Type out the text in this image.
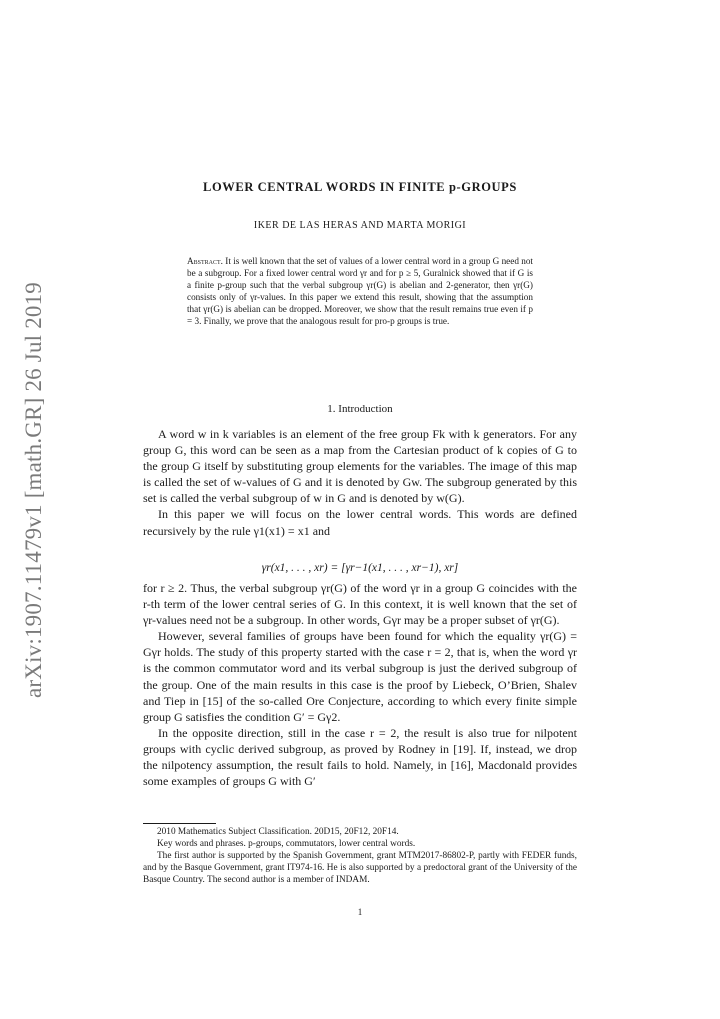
arXiv:1907.11479v1 [math.GR] 26 Jul 2019
LOWER CENTRAL WORDS IN FINITE p-GROUPS
IKER DE LAS HERAS AND MARTA MORIGI
Abstract. It is well known that the set of values of a lower central word in a group G need not be a subgroup. For a fixed lower central word γr and for p ≥ 5, Guralnick showed that if G is a finite p-group such that the verbal subgroup γr(G) is abelian and 2-generator, then γr(G) consists only of γr-values. In this paper we extend this result, showing that the assumption that γr(G) is abelian can be dropped. Moreover, we show that the result remains true even if p = 3. Finally, we prove that the analogous result for pro-p groups is true.
1. Introduction

A word w in k variables is an element of the free group Fk with k generators. For any group G, this word can be seen as a map from the Cartesian product of k copies of G to the group G itself by substituting group elements for the variables. The image of this map is called the set of w-values of G and it is denoted by Gw. The subgroup generated by this set is called the verbal subgroup of w in G and is denoted by w(G).

In this paper we will focus on the lower central words. This words are defined recursively by the rule γ1(x1) = x1 and

γr(x1, . . . , xr) = [γr−1(x1, . . . , xr−1), xr]

for r ≥ 2. Thus, the verbal subgroup γr(G) of the word γr in a group G coincides with the r-th term of the lower central series of G. In this context, it is well known that the set of γr-values need not be a subgroup. In other words, Gγr may be a proper subset of γr(G).

However, several families of groups have been found for which the equality γr(G) = Gγr holds. The study of this property started with the case r = 2, that is, when the word γr is the common commutator word and its verbal subgroup is just the derived subgroup of the group. One of the main results in this case is the proof by Liebeck, O’Brien, Shalev and Tiep in [15] of the so-called Ore Conjecture, according to which every finite simple group G satisfies the condition G′ = Gγ2.

In the opposite direction, still in the case r = 2, the result is also true for nilpotent groups with cyclic derived subgroup, as proved by Rodney in [19]. If, instead, we drop the nilpotency assumption, the result fails to hold. Namely, in [16], Macdonald provides some examples of groups G with G′

2010 Mathematics Subject Classification. 20D15, 20F12, 20F14.

Key words and phrases. p-groups, commutators, lower central words.

The first author is supported by the Spanish Government, grant MTM2017-86802-P, partly with FEDER funds, and by the Basque Government, grant IT974-16. He is also supported by a predoctoral grant of the University of the Basque Country. The second author is a member of INDAM.

1
